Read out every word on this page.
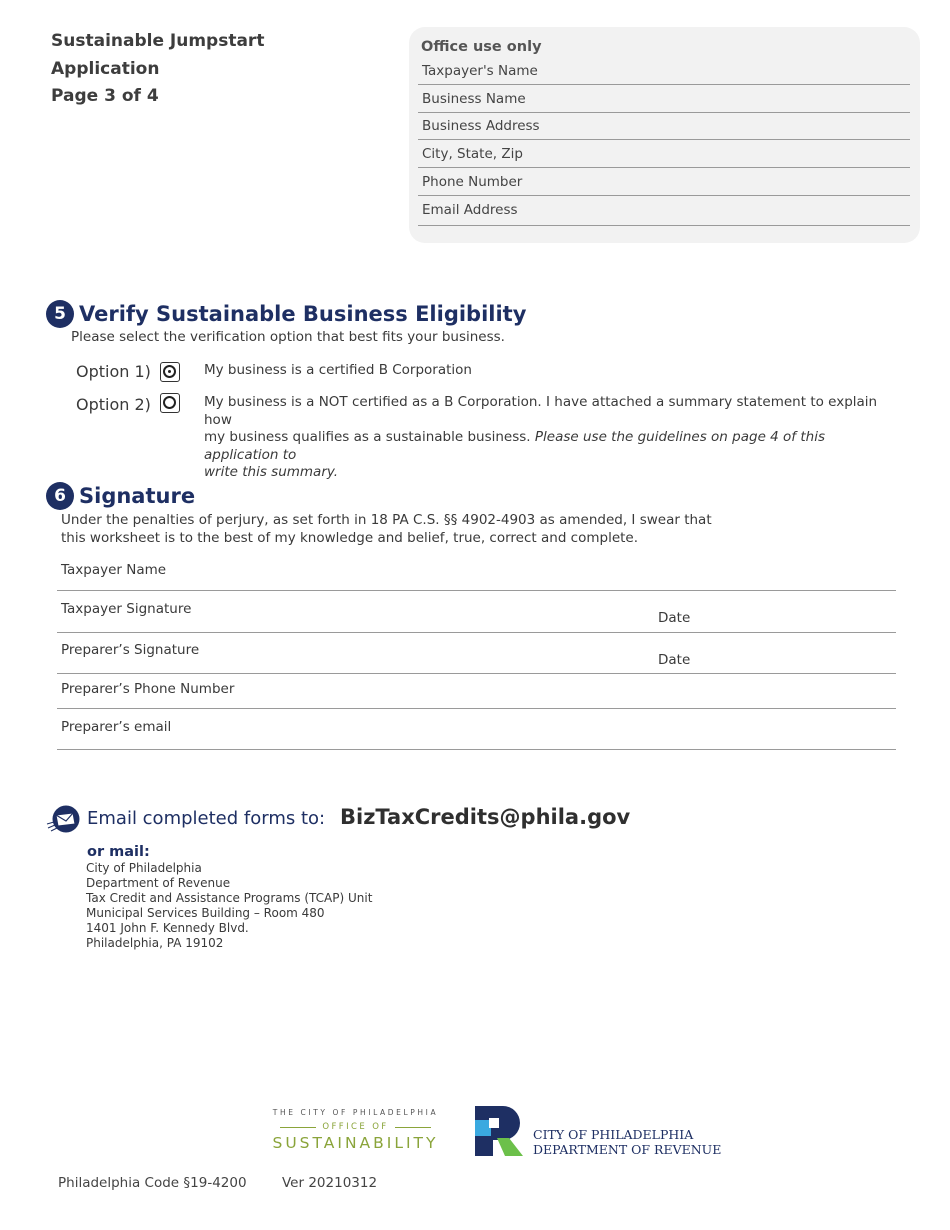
Sustainable Jumpstart
Application
Page 3 of 4
Office use only
Taxpayer's Name
Business Name
Business Address
City, State, Zip
Phone Number
Email Address
5 Verify Sustainable Business Eligibility
Please select the verification option that best fits your business.
Option 1)	My business is a certified B Corporation
Option 2)	My business is a NOT certified as a B Corporation. I have attached a summary statement to explain how
my business qualifies as a sustainable business. Please use the guidelines on page 4 of this application to
write this summary.
6 Signature
Under the penalties of perjury, as set forth in 18 PA C.S. §§ 4902-4903 as amended, I swear that
this worksheet is to the best of my knowledge and belief, true, correct and complete.
Taxpayer Name
Taxpayer Signature
Date
Preparer’s Signature
Date
Preparer’s Phone Number
Preparer’s email
Email completed forms to: BizTaxCredits@phila.gov
or mail:
City of Philadelphia
Department of Revenue
Tax Credit and Assistance Programs (TCAP) Unit
Municipal Services Building – Room 480
1401 John F. Kennedy Blvd.
Philadelphia, PA 19102
THE CITY OF PHILADELPHIA
OFFICE OF
SUSTAINABILITY	CITY OF PHILADELPHIA
DEPARTMENT OF REVENUE
Philadelphia Code §19-4200	Ver 20210312
